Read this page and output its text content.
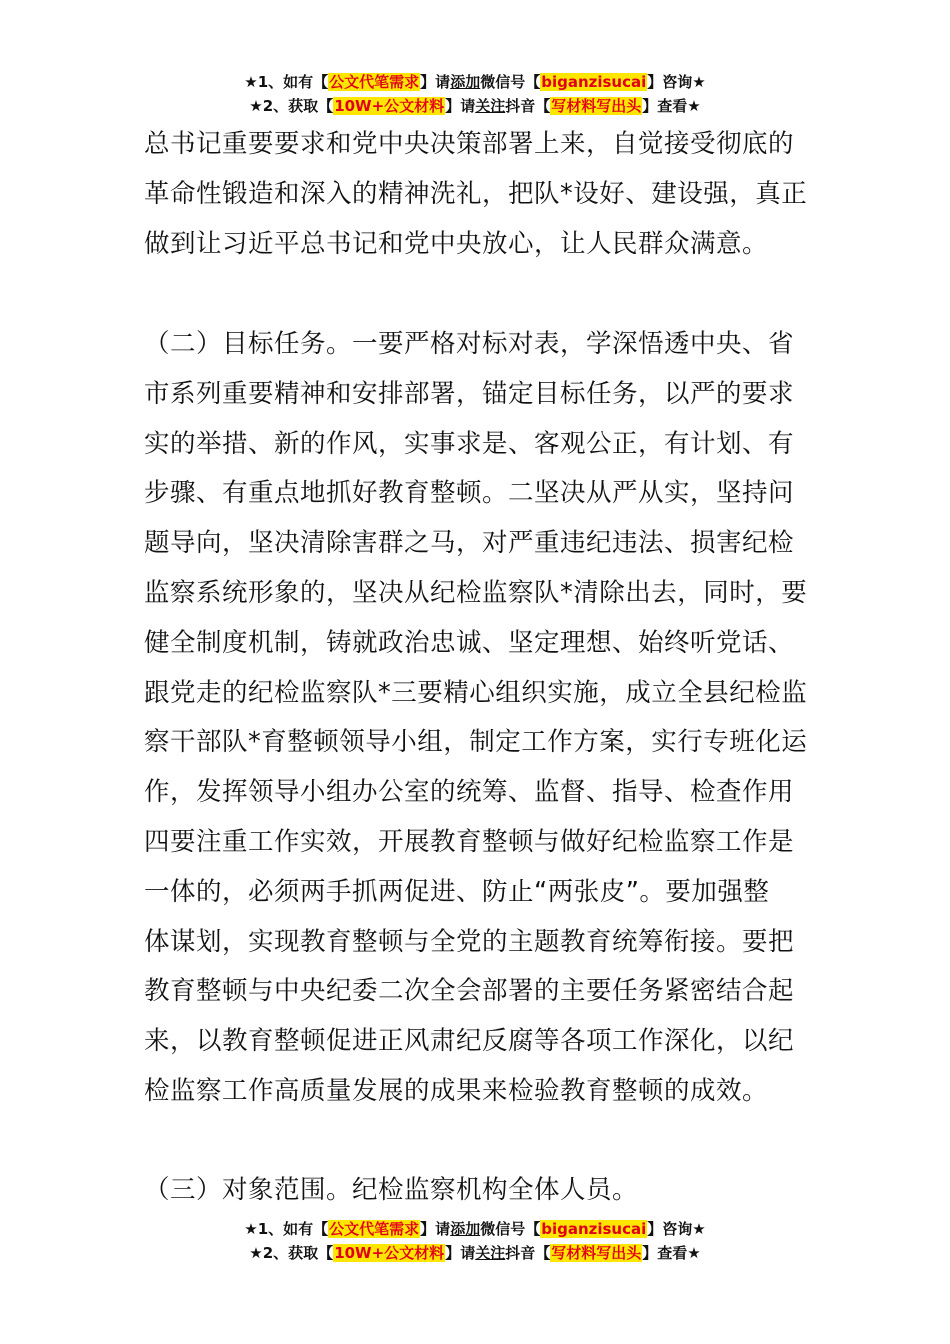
★1、如有【公文代笔需求】请添加微信号【biganzisucai】咨询★
★2、获取【10W+公文材料】请关注抖音【写材料写出头】查看★

总书记重要要求和党中央决策部署上来，自觉接受彻底的
革命性锻造和深入的精神洗礼，把队*设好、建设强，真正
做到让习近平总书记和党中央放心，让人民群众满意。

（二）目标任务。一要严格对标对表，学深悟透中央、省
市系列重要精神和安排部署，锚定目标任务，以严的要求
实的举措、新的作风，实事求是、客观公正，有计划、有
步骤、有重点地抓好教育整顿。二坚决从严从实，坚持问
题导向，坚决清除害群之马，对严重违纪违法、损害纪检
监察系统形象的，坚决从纪检监察队*清除出去，同时，要
健全制度机制，铸就政治忠诚、坚定理想、始终听党话、
跟党走的纪检监察队*三要精心组织实施，成立全县纪检监
察干部队*育整顿领导小组，制定工作方案，实行专班化运
作，发挥领导小组办公室的统筹、监督、指导、检查作用
四要注重工作实效，开展教育整顿与做好纪检监察工作是
一体的，必须两手抓两促进、防止“两张皮”。要加强整
体谋划，实现教育整顿与全党的主题教育统筹衔接。要把
教育整顿与中央纪委二次全会部署的主要任务紧密结合起
来，以教育整顿促进正风肃纪反腐等各项工作深化，以纪
检监察工作高质量发展的成果来检验教育整顿的成效。

（三）对象范围。纪检监察机构全体人员。

★1、如有【公文代笔需求】请添加微信号【biganzisucai】咨询★
★2、获取【10W+公文材料】请关注抖音【写材料写出头】查看★
